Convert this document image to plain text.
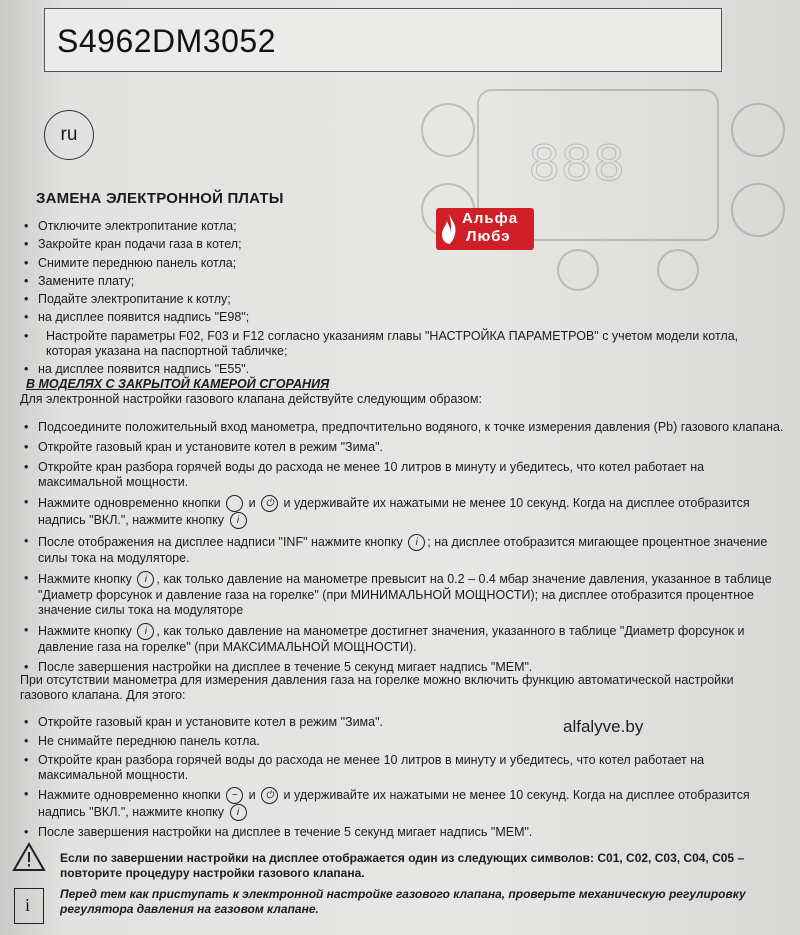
S4962DM3052
ru
888
ЗАМЕНА ЭЛЕКТРОННОЙ ПЛАТЫ
• Отключите электропитание котла;
• Закройте кран подачи газа в котел;
• Снимите переднюю панель котла;
• Замените плату;
• Подайте электропитание к котлу;
• на дисплее появится надпись "E98";
• Настройте параметры F02, F03 и F12 согласно указаниям главы "НАСТРОЙКА ПАРАМЕТРОВ" с учетом модели котла, которая указана на паспортной табличке;
• на дисплее появится надпись "E55".
Альфа
Любэ
В МОДЕЛЯХ С ЗАКРЫТОЙ КАМЕРОЙ СГОРАНИЯ
Для электронной настройки газового клапана действуйте следующим образом:
• Подсоедините положительный вход манометра, предпочтительно водяного, к точке измерения давления (Pb) газового клапана.
• Откройте газовый кран и установите котел в режим "Зима".
• Откройте кран разбора горячей воды до расхода не менее 10 литров в минуту и убедитесь, что котел работает на максимальной мощности.
• Нажмите одновременно кнопки и ⏻ и удерживайте их нажатыми не менее 10 секунд. Когда на дисплее отобразится надпись "ВКЛ.", нажмите кнопку i
• После отображения на дисплее надписи "INF" нажмите кнопку i ; на дисплее отобразится мигающее процентное значение силы тока на модуляторе.
• Нажмите кнопку i , как только давление на манометре превысит на 0.2 – 0.4 мбар значение давления, указанное в таблице "Диаметр форсунок и давление газа на горелке" (при МИНИМАЛЬНОЙ МОЩНОСТИ); на дисплее отобразится процентное значение силы тока на модуляторе
• Нажмите кнопку i , как только давление на манометре достигнет значения, указанного в таблице "Диаметр форсунок и давление газа на горелке" (при МАКСИМАЛЬНОЙ МОЩНОСТИ).
• После завершения настройки на дисплее в течение 5 секунд мигает надпись "MEM".
При отсутствии манометра для измерения давления газа на горелке можно включить функцию автоматической настройки газового клапана. Для этого:
alfalyve.by
• Откройте газовый кран и установите котел в режим "Зима".
• Не снимайте переднюю панель котла.
• Откройте кран разбора горячей воды до расхода не менее 10 литров в минуту и убедитесь, что котел работает на максимальной мощности.
• Нажмите одновременно кнопки − и ⏻ и удерживайте их нажатыми не менее 10 секунд. Когда на дисплее отобразится надпись "ВКЛ.", нажмите кнопку i
• После завершения настройки на дисплее в течение 5 секунд мигает надпись "MEM".
Если по завершении настройки на дисплее отображается один из следующих символов: C01, C02, C03, C04, C05 – повторите процедуру настройки газового клапана.
i
Перед тем как приступать к электронной настройке газового клапана, проверьте механическую регулировку регулятора давления на газовом клапане.
